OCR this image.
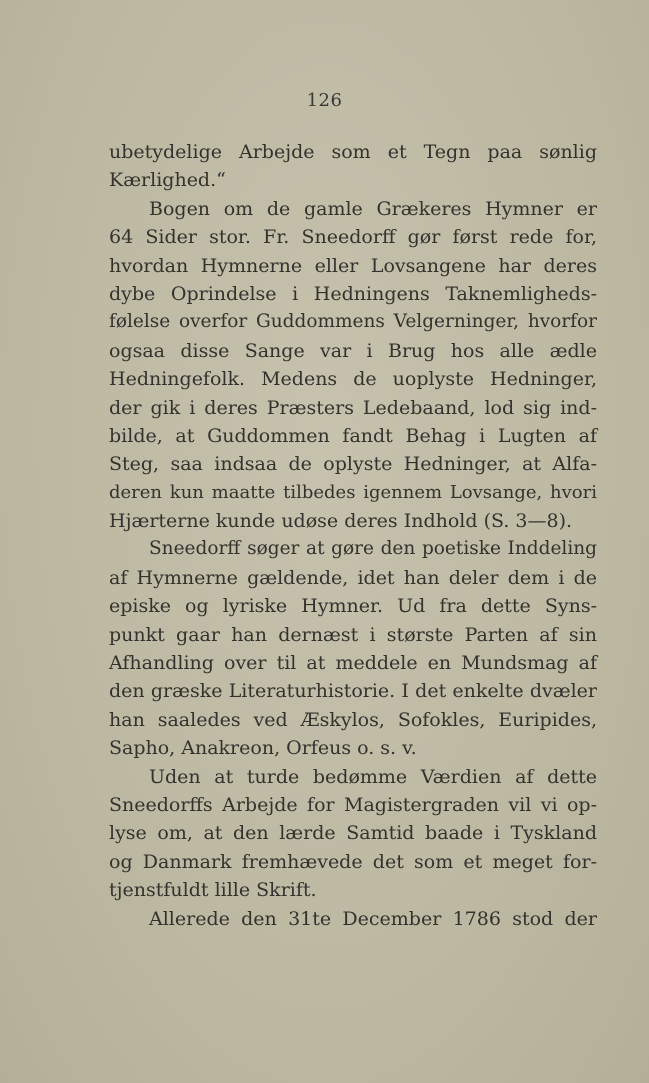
126
ubetydelige Arbejde som et Tegn paa sønlig
Kærlighed.“
Bogen om de gamle Grækeres Hymner er
64 Sider stor. Fr. Sneedorff gør først rede for,
hvordan Hymnerne eller Lovsangene har deres
dybe Oprindelse i Hedningens Taknemligheds-
følelse overfor Guddommens Velgerninger, hvorfor
ogsaa disse Sange var i Brug hos alle ædle
Hedningefolk. Medens de uoplyste Hedninger,
der gik i deres Præsters Ledebaand, lod sig ind-
bilde, at Guddommen fandt Behag i Lugten af
Steg, saa indsaa de oplyste Hedninger, at Alfa-
deren kun maatte tilbedes igennem Lovsange, hvori
Hjærterne kunde udøse deres Indhold (S. 3—8).
Sneedorff søger at gøre den poetiske Inddeling
af Hymnerne gældende, idet han deler dem i de
episke og lyriske Hymner. Ud fra dette Syns-
punkt gaar han dernæst i største Parten af sin
Afhandling over til at meddele en Mundsmag af
den græske Literaturhistorie. I det enkelte dvæler
han saaledes ved Æskylos, Sofokles, Euripides,
Sapho, Anakreon, Orfeus o. s. v.
Uden at turde bedømme Værdien af dette
Sneedorffs Arbejde for Magistergraden vil vi op-
lyse om, at den lærde Samtid baade i Tyskland
og Danmark fremhævede det som et meget for-
tjenstfuldt lille Skrift.
Allerede den 31te December 1786 stod der
